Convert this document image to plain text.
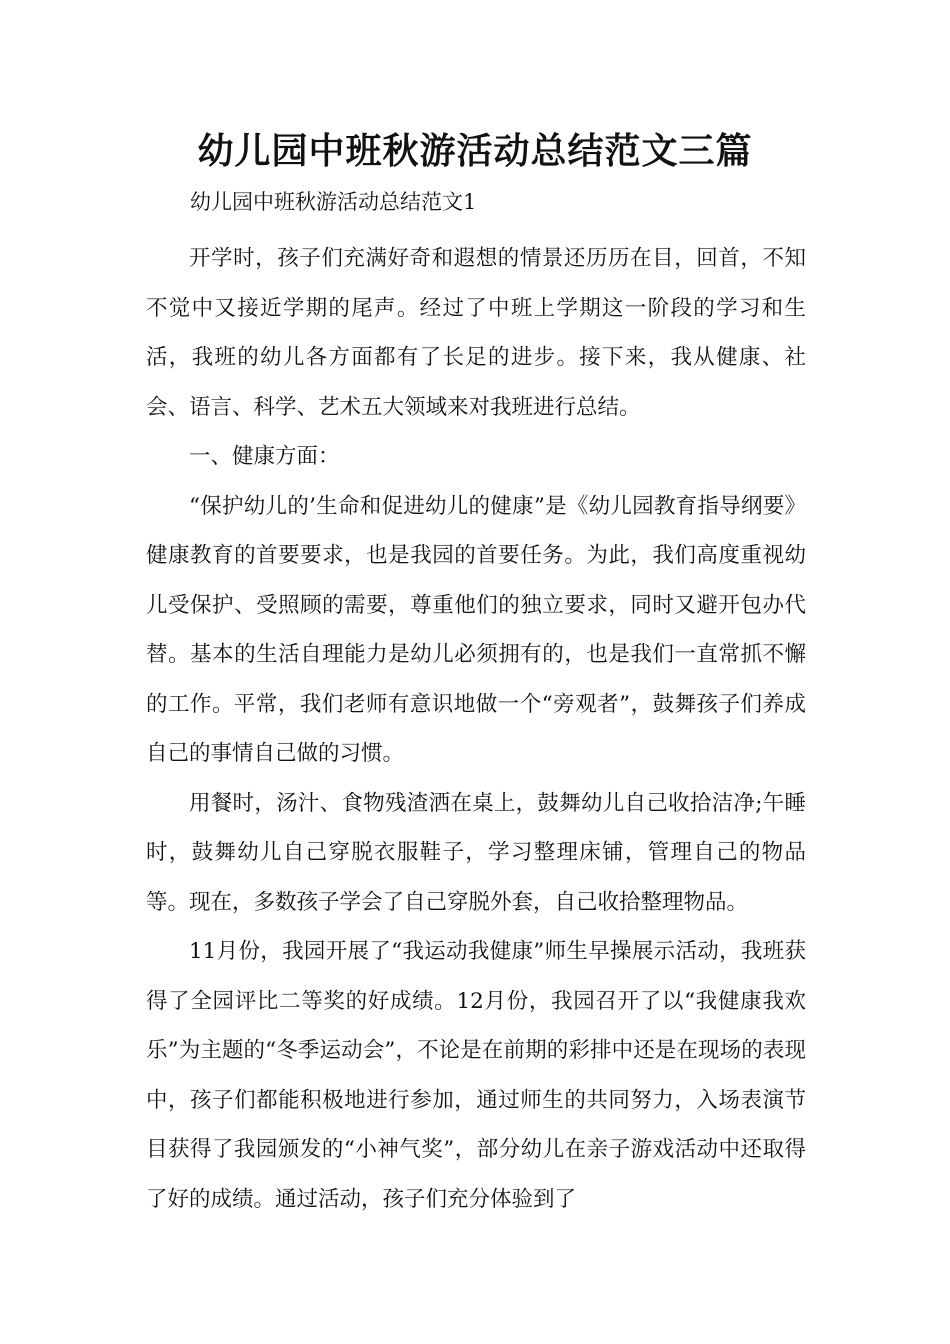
幼儿园中班秋游活动总结范文三篇
幼儿园中班秋游活动总结范文1

开学时，孩子们充满好奇和遐想的情景还历历在目，回首，不知不觉中又接近学期的尾声。经过了中班上学期这一阶段的学习和生活，我班的幼儿各方面都有了长足的进步。接下来，我从健康、社会、语言、科学、艺术五大领域来对我班进行总结。

一、健康方面：

“保护幼儿的’生命和促进幼儿的健康”是《幼儿园教育指导纲要》健康教育的首要要求，也是我园的首要任务。为此，我们高度重视幼儿受保护、受照顾的需要，尊重他们的独立要求，同时又避开包办代替。基本的生活自理能力是幼儿必须拥有的，也是我们一直常抓不懈的工作。平常，我们老师有意识地做一个“旁观者”，鼓舞孩子们养成自己的事情自己做的习惯。

用餐时，汤汁、食物残渣洒在桌上，鼓舞幼儿自己收拾洁净;午睡时，鼓舞幼儿自己穿脱衣服鞋子，学习整理床铺，管理自己的物品等。现在，多数孩子学会了自己穿脱外套，自己收拾整理物品。

11月份，我园开展了“我运动我健康”师生早操展示活动，我班获得了全园评比二等奖的好成绩。12月份，我园召开了以“我健康我欢乐”为主题的“冬季运动会”，不论是在前期的彩排中还是在现场的表现中，孩子们都能积极地进行参加，通过师生的共同努力，入场表演节目获得了我园颁发的“小神气奖”，部分幼儿在亲子游戏活动中还取得了好的成绩。通过活动，孩子们充分体验到了
